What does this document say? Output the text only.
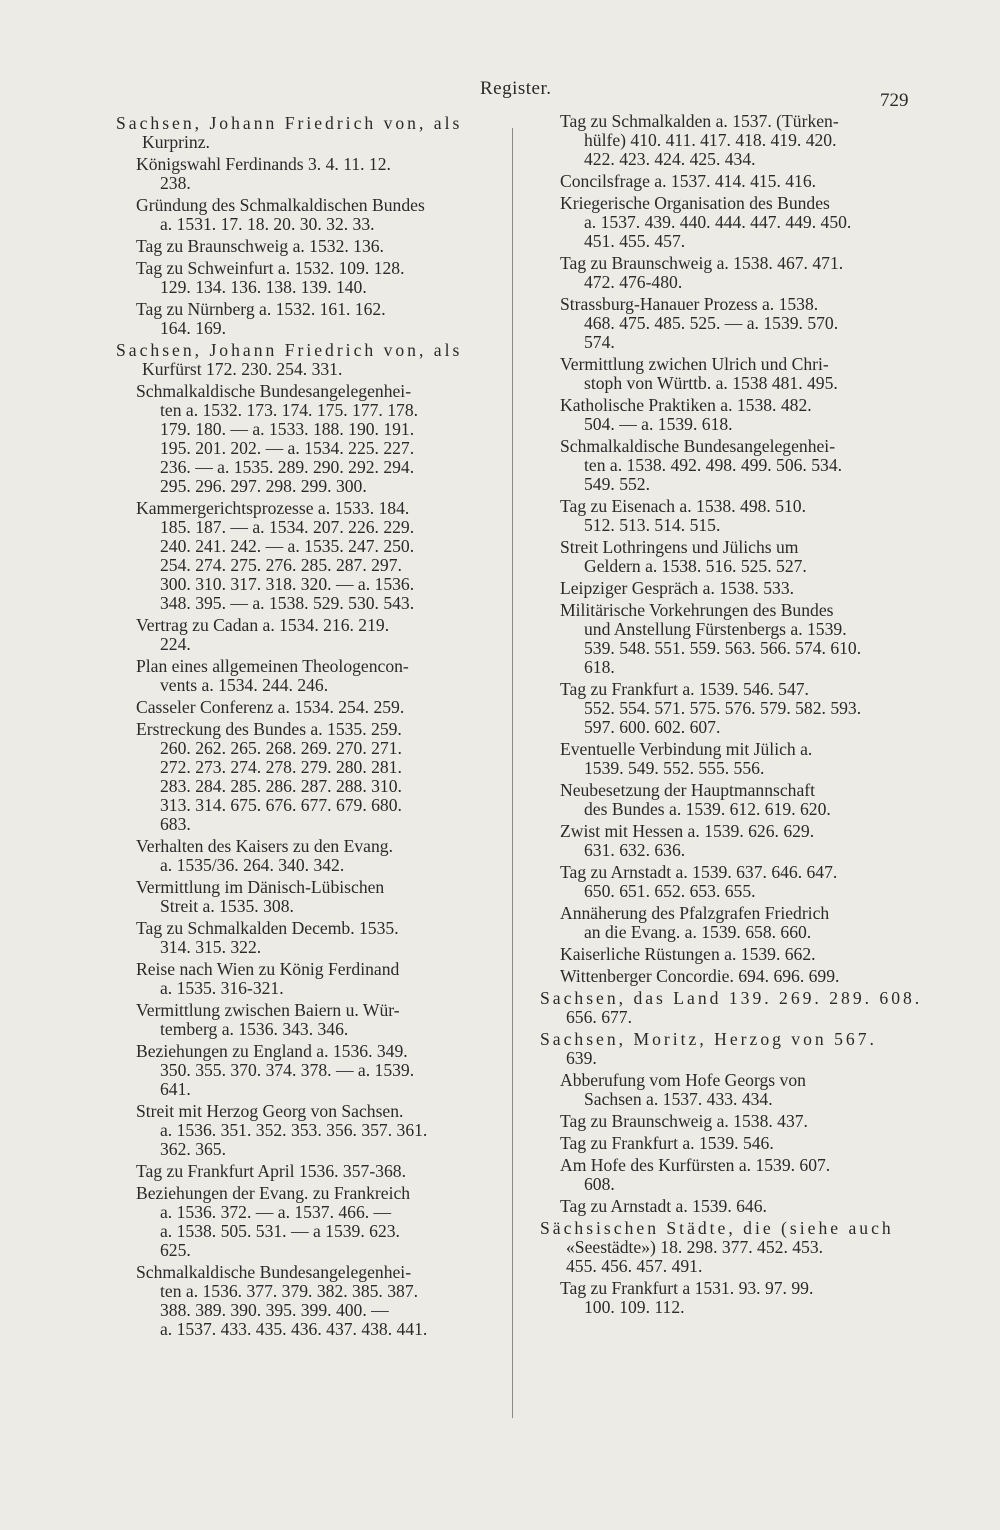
Register.
729
Sachsen, Johann Friedrich von, als
Kurprinz.
Königswahl Ferdinands 3. 4. 11. 12.
238.
Gründung des Schmalkaldischen Bundes
a. 1531. 17. 18. 20. 30. 32. 33.
Tag zu Braunschweig a. 1532. 136.
Tag zu Schweinfurt a. 1532. 109. 128.
129. 134. 136. 138. 139. 140.
Tag zu Nürnberg a. 1532. 161. 162.
164. 169.
Sachsen, Johann Friedrich von, als
Kurfürst 172. 230. 254. 331.
Schmalkaldische Bundesangelegenhei-
ten a. 1532. 173. 174. 175. 177. 178.
179. 180. — a. 1533. 188. 190. 191.
195. 201. 202. — a. 1534. 225. 227.
236. — a. 1535. 289. 290. 292. 294.
295. 296. 297. 298. 299. 300.
Kammergerichtsprozesse a. 1533. 184.
185. 187. — a. 1534. 207. 226. 229.
240. 241. 242. — a. 1535. 247. 250.
254. 274. 275. 276. 285. 287. 297.
300. 310. 317. 318. 320. — a. 1536.
348. 395. — a. 1538. 529. 530. 543.
Vertrag zu Cadan a. 1534. 216. 219.
224.
Plan eines allgemeinen Theologencon-
vents a. 1534. 244. 246.
Casseler Conferenz a. 1534. 254. 259.
Erstreckung des Bundes a. 1535. 259.
260. 262. 265. 268. 269. 270. 271.
272. 273. 274. 278. 279. 280. 281.
283. 284. 285. 286. 287. 288. 310.
313. 314. 675. 676. 677. 679. 680.
683.
Verhalten des Kaisers zu den Evang.
a. 1535/36. 264. 340. 342.
Vermittlung im Dänisch-Lübischen
Streit a. 1535. 308.
Tag zu Schmalkalden Decemb. 1535.
314. 315. 322.
Reise nach Wien zu König Ferdinand
a. 1535. 316-321.
Vermittlung zwischen Baiern u. Wür-
temberg a. 1536. 343. 346.
Beziehungen zu England a. 1536. 349.
350. 355. 370. 374. 378. — a. 1539.
641.
Streit mit Herzog Georg von Sachsen.
a. 1536. 351. 352. 353. 356. 357. 361.
362. 365.
Tag zu Frankfurt April 1536. 357-368.
Beziehungen der Evang. zu Frankreich
a. 1536. 372. — a. 1537. 466. —
a. 1538. 505. 531. — a 1539. 623.
625.
Schmalkaldische Bundesangelegenhei-
ten a. 1536. 377. 379. 382. 385. 387.
388. 389. 390. 395. 399. 400. —
a. 1537. 433. 435. 436. 437. 438. 441.
Tag zu Schmalkalden a. 1537. (Türken-
hülfe) 410. 411. 417. 418. 419. 420.
422. 423. 424. 425. 434.
Concilsfrage a. 1537. 414. 415. 416.
Kriegerische Organisation des Bundes
a. 1537. 439. 440. 444. 447. 449. 450.
451. 455. 457.
Tag zu Braunschweig a. 1538. 467. 471.
472. 476-480.
Strassburg-Hanauer Prozess a. 1538.
468. 475. 485. 525. — a. 1539. 570.
574.
Vermittlung zwichen Ulrich und Chri-
stoph von Württb. a. 1538 481. 495.
Katholische Praktiken a. 1538. 482.
504. — a. 1539. 618.
Schmalkaldische Bundesangelegenhei-
ten a. 1538. 492. 498. 499. 506. 534.
549. 552.
Tag zu Eisenach a. 1538. 498. 510.
512. 513. 514. 515.
Streit Lothringens und Jülichs um
Geldern a. 1538. 516. 525. 527.
Leipziger Gespräch a. 1538. 533.
Militärische Vorkehrungen des Bundes
und Anstellung Fürstenbergs a. 1539.
539. 548. 551. 559. 563. 566. 574. 610.
618.
Tag zu Frankfurt a. 1539. 546. 547.
552. 554. 571. 575. 576. 579. 582. 593.
597. 600. 602. 607.
Eventuelle Verbindung mit Jülich a.
1539. 549. 552. 555. 556.
Neubesetzung der Hauptmannschaft
des Bundes a. 1539. 612. 619. 620.
Zwist mit Hessen a. 1539. 626. 629.
631. 632. 636.
Tag zu Arnstadt a. 1539. 637. 646. 647.
650. 651. 652. 653. 655.
Annäherung des Pfalzgrafen Friedrich
an die Evang. a. 1539. 658. 660.
Kaiserliche Rüstungen a. 1539. 662.
Wittenberger Concordie. 694. 696. 699.
Sachsen, das Land 139. 269. 289. 608.
656. 677.
Sachsen, Moritz, Herzog von 567.
639.
Abberufung vom Hofe Georgs von
Sachsen a. 1537. 433. 434.
Tag zu Braunschweig a. 1538. 437.
Tag zu Frankfurt a. 1539. 546.
Am Hofe des Kurfürsten a. 1539. 607.
608.
Tag zu Arnstadt a. 1539. 646.
Sächsischen Städte, die (siehe auch
«Seestädte») 18. 298. 377. 452. 453.
455. 456. 457. 491.
Tag zu Frankfurt a 1531. 93. 97. 99.
100. 109. 112.
